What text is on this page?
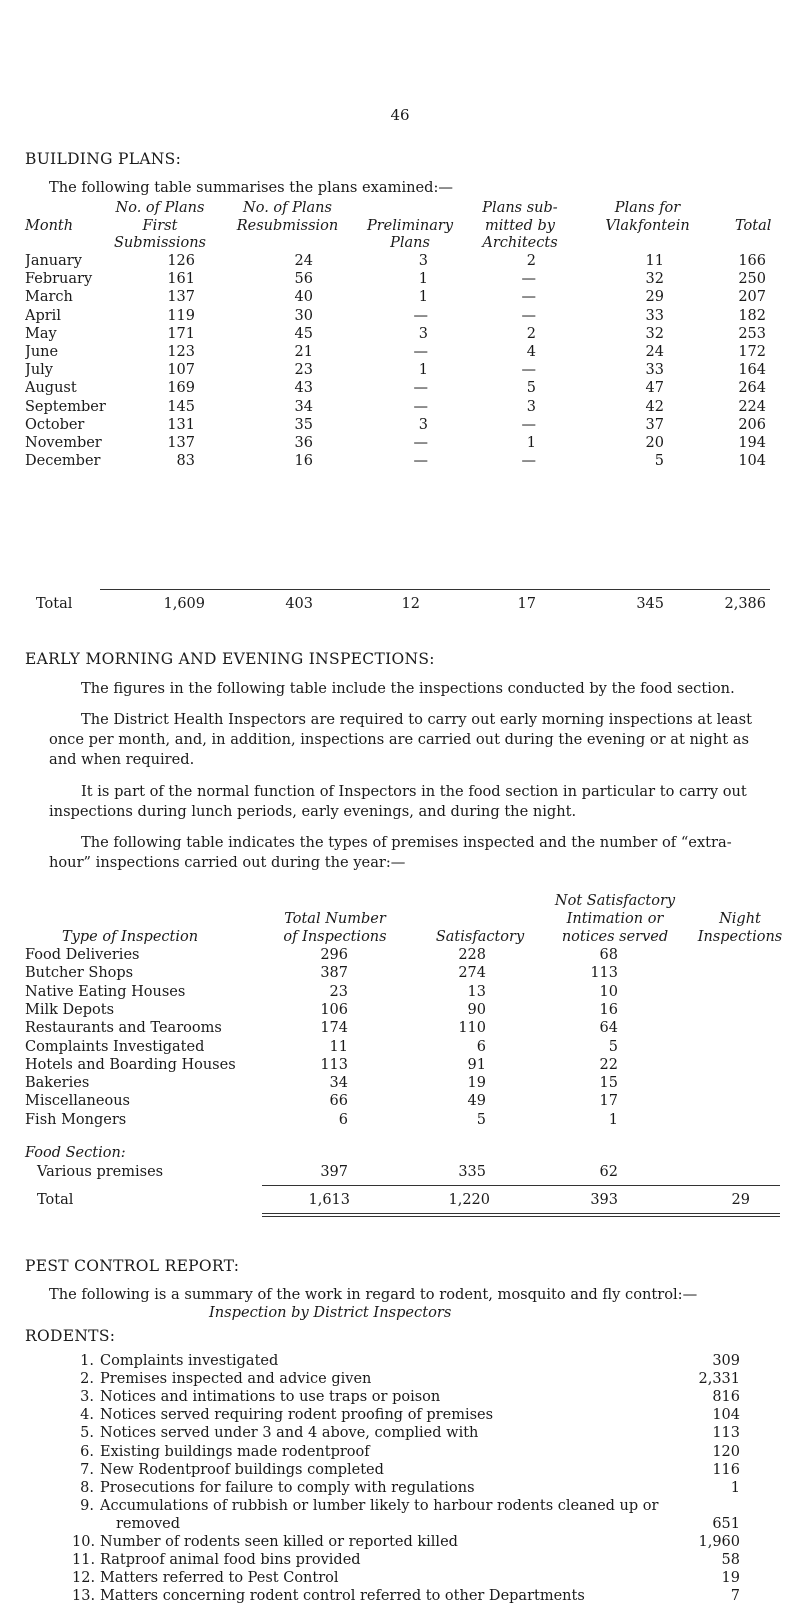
46
BUILDING PLANS:
The following table summarises the plans examined:—
Month
No. of Plans
First
Submissions
No. of Plans
Resubmission	Preliminary
Plans
Plans sub-
mitted by
Architects
Plans for
Vlakfontein	Total
January	126	24	3	2	11	166
February	161	56	1	—	32	250
March	137	40	1	—	29	207
April	119	30	—	—	33	182
May	171	45	3	2	32	253
June	123	21	—	4	24	172
July	107	23	1	—	33	164
August	169	43	—	5	47	264
September	145	34	—	3	42	224
October	131	35	3	—	37	206
November	137	36	—	1	20	194
December	83	16	—	—	5	104
Total	1,609	403	12	17	345	2,386
EARLY MORNING AND EVENING INSPECTIONS:
The figures in the following table include the inspections conducted by the food section.
The District Health Inspectors are required to carry out early morning inspections at least once per month, and, in addition, inspections are carried out during the evening or at night as and when required.
It is part of the normal function of Inspectors in the food section in particular to carry out inspections during lunch periods, early evenings, and during the night.
The following table indicates the types of premises inspected and the number of “extra-hour” inspections carried out during the year:—
Type of Inspection
Total Number
of Inspections	Satisfactory
Not Satisfactory
Intimation or
notices served
Night
Inspections
Food Deliveries	296	228	68
Butcher Shops	387	274	113
Native Eating Houses	23	13	10
Milk Depots	106	90	16
Restaurants and Tearooms	174	110	64
Complaints Investigated	11	6	5
Hotels and Boarding Houses	113	91	22
Bakeries	34	19	15
Miscellaneous	66	49	17
Fish Mongers	6	5	1
Food Section:
Various premises	397	335	62
Total	1,613	1,220	393	29
PEST CONTROL REPORT:
The following is a summary of the work in regard to rodent, mosquito and fly control:—
Inspection by District Inspectors
RODENTS:
1. Complaints investigated	309
2. Premises inspected and advice given	2,331
3. Notices and intimations to use traps or poison	816
4. Notices served requiring rodent proofing of premises	104
5. Notices served under 3 and 4 above, complied with	113
6. Existing buildings made rodentproof	120
7. New Rodentproof buildings completed	116
8. Prosecutions for failure to comply with regulations	1
9. Accumulations of rubbish or lumber likely to harbour rodents cleaned up or
removed	651
10. Number of rodents seen killed or reported killed	1,960
11. Ratproof animal food bins provided	58
12. Matters referred to Pest Control	19
13. Matters concerning rodent control referred to other Departments	7
